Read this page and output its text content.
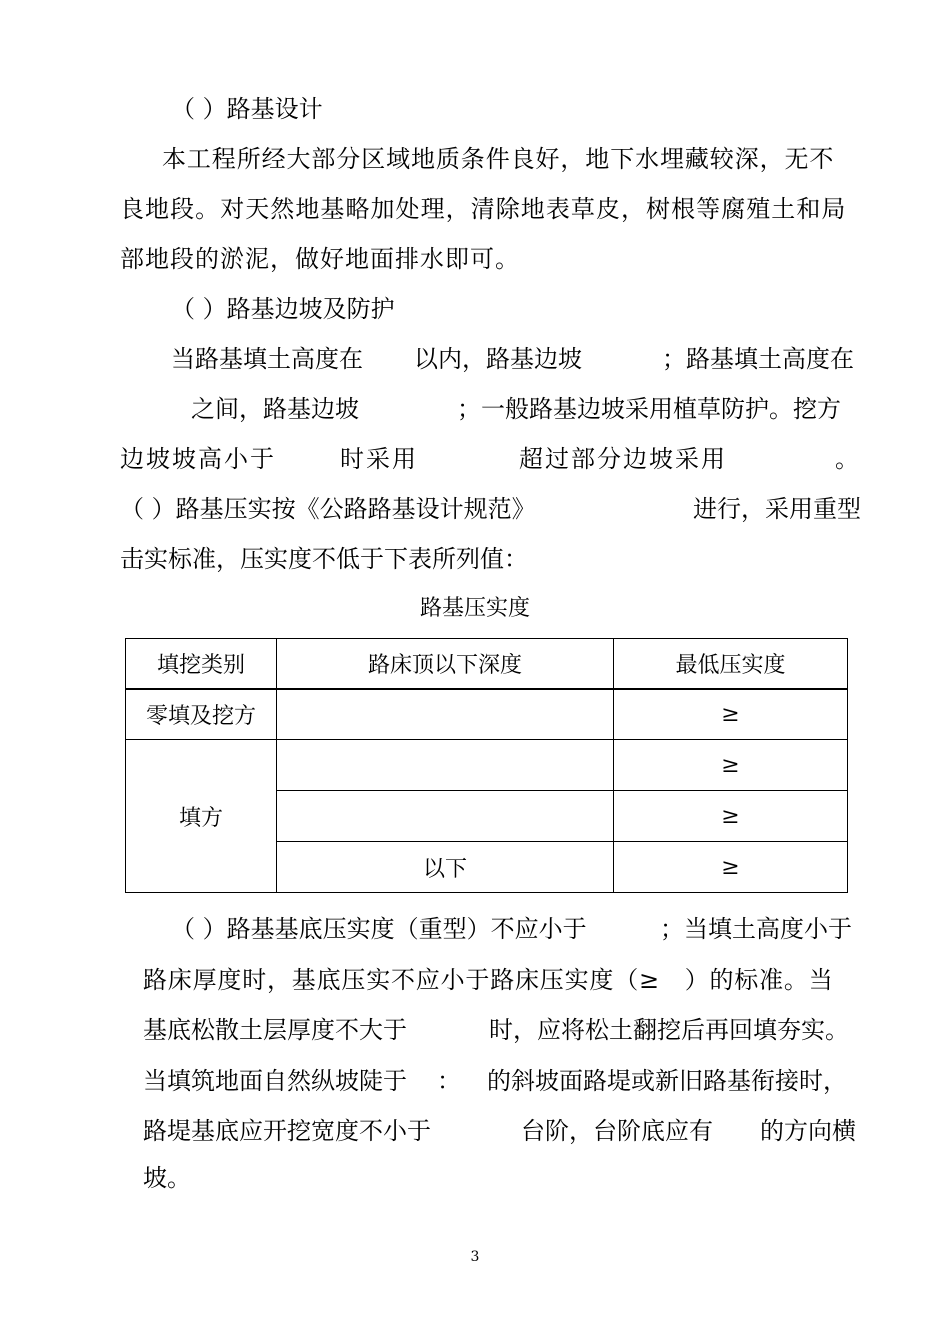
（ ）路基设计
本工程所经大部分区域地质条件良好，地下水埋藏较深，无不
良地段。对天然地基略加处理，清除地表草皮，树根等腐殖土和局
部地段的淤泥，做好地面排水即可。
（ ）路基边坡及防护
当路基填土高度在 以内，路基边坡	；路基填土高度在
之间，路基边坡	；一般路基边坡采用植草防护。挖方
边坡坡高小于	时采用	超过部分边坡采用	。
（ ）路基压实按《公路路基设计规范》	进行，采用重型
击实标准，压实度不低于下表所列值：
路基压实度
填挖类别	路床顶以下深度	最低压实度
零填及挖方		≥
填方		≥
		≥
	以下	≥
（ ）路基基底压实度（重型）不应小于	；当填土高度小于
路床厚度时，基底压实不应小于路床压实度（≥　）的标准。当
基底松散土层厚度不大于	时，应将松土翻挖后再回填夯实。
当填筑地面自然纵坡陡于 ： 的斜坡面路堤或新旧路基衔接时，
路堤基底应开挖宽度不小于	台阶，台阶底应有 的方向横
坡。
3
